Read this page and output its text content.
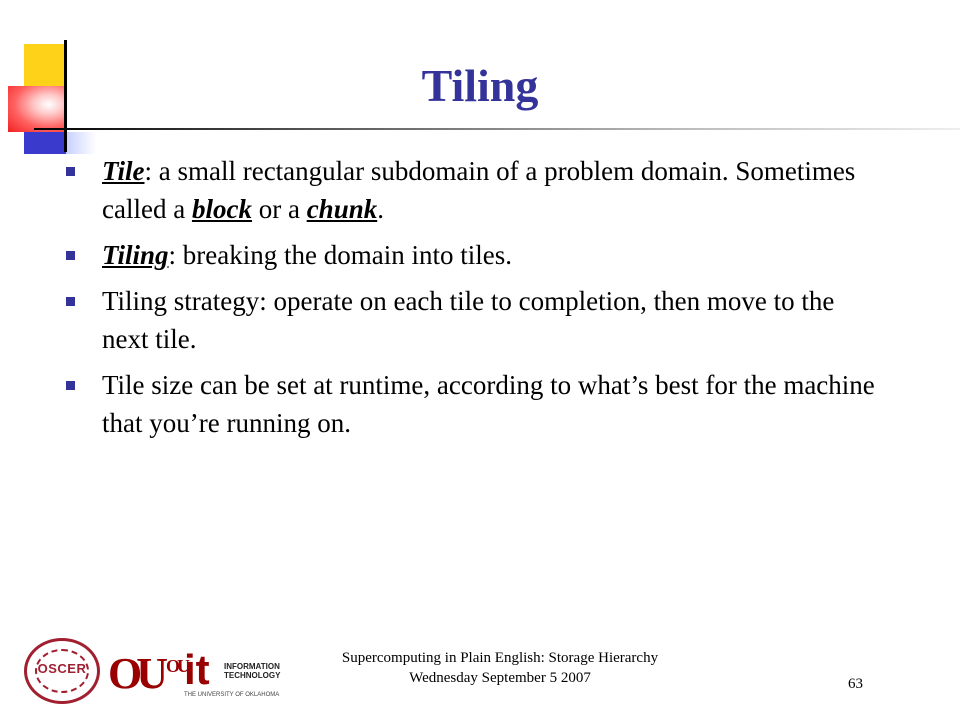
Tiling
Tile: a small rectangular subdomain of a problem domain. Sometimes called a block or a chunk.
Tiling: breaking the domain into tiles.
Tiling strategy: operate on each tile to completion, then move to the next tile.
Tile size can be set at runtime, according to what’s best for the machine that you’re running on.
OSCER OU OU
it INFORMATION
TECHNOLOGY
THE UNIVERSITY OF OKLAHOMA
Supercomputing in Plain English: Storage Hierarchy
Wednesday September 5 2007	63
